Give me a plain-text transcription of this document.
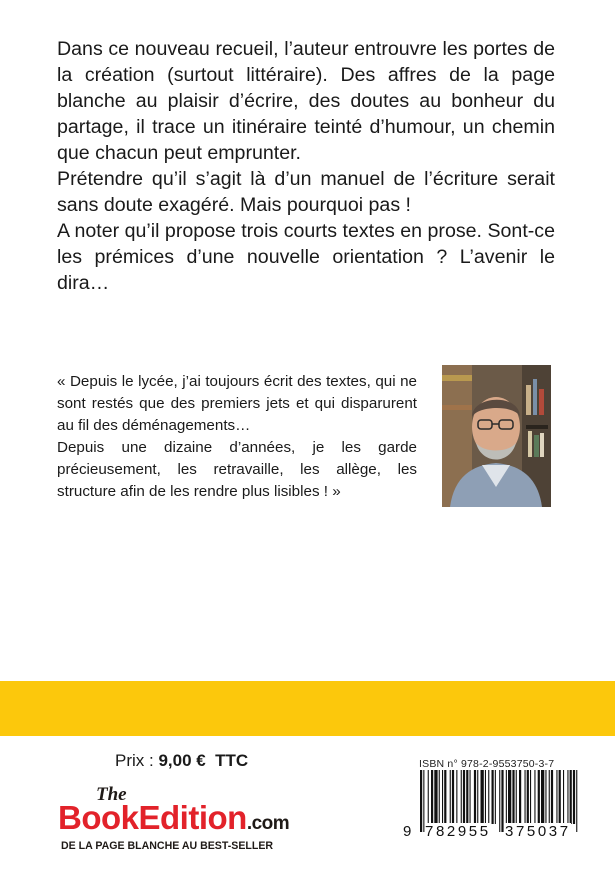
Dans ce nouveau recueil, l’auteur entrouvre les portes de la création (surtout littéraire). Des affres de la page blanche au plaisir d’écrire, des doutes au bonheur du partage, il trace un itinéraire teinté d’humour, un chemin que chacun peut emprunter.

Prétendre qu’il s’agit là d’un manuel de l’écriture serait sans doute exagéré. Mais pourquoi pas !

A noter qu’il propose trois courts textes en prose. Sont-ce les prémices d’une nouvelle orientation ? L’avenir le dira…

« Depuis le lycée, j’ai toujours écrit des textes, qui ne sont restés que des premiers jets et qui disparurent au fil des déménagements…

Depuis une dizaine d’années, je les garde précieusement, les retravaille, les allège, les structure afin de les rendre plus lisibles ! »

Prix : 9,00 €  TTC
The
BookEdition.com
DE LA PAGE BLANCHE AU BEST-SELLER
ISBN n° 978-2-9553750-3-7
9 782955 375037
